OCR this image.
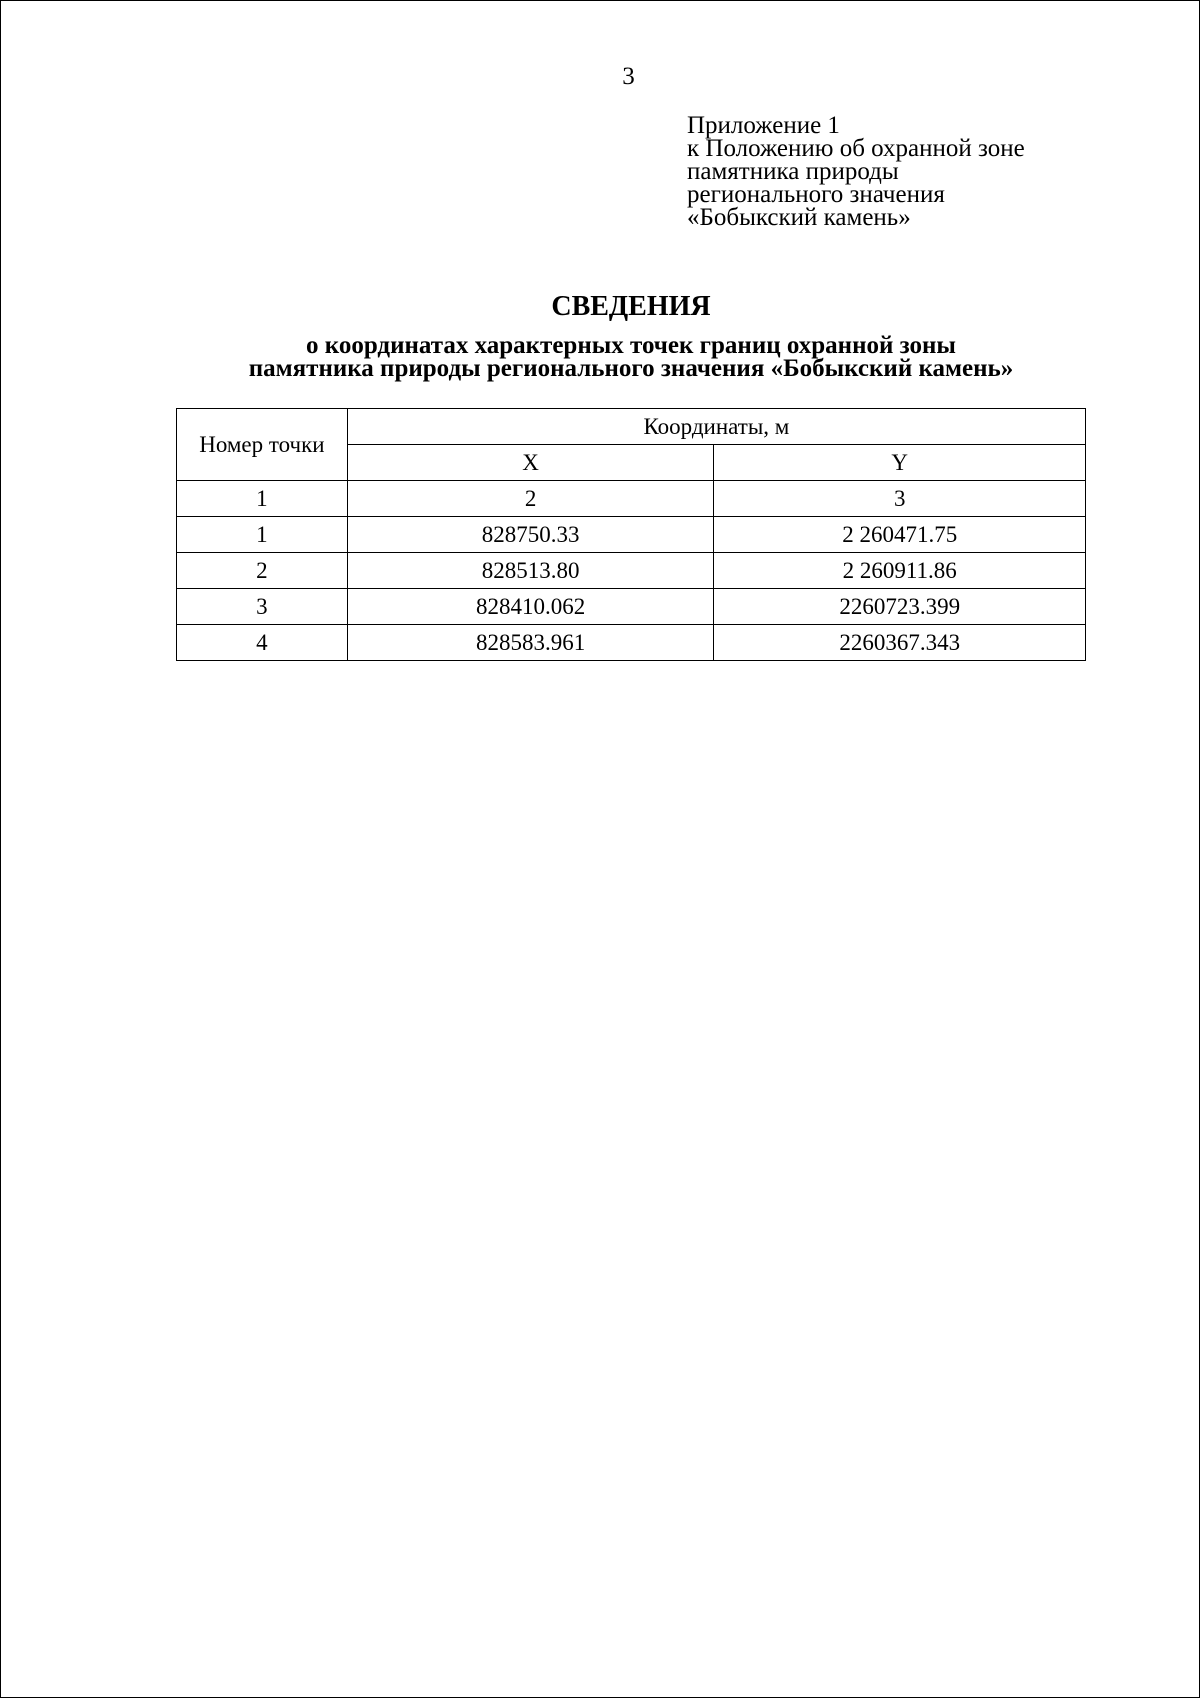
3
Приложение 1
к Положению об охранной зоне
памятника природы
регионального значения
«Бобыкский камень»
СВЕДЕНИЯ
о координатах характерных точек границ охранной зоны
памятника природы регионального значения «Бобыкский камень»
Номер точки	Координаты, м	
	X	Y
1	2	3
1	828750.33	2 260471.75
2	828513.80	2 260911.86
3	828410.062	2260723.399
4	828583.961	2260367.343
